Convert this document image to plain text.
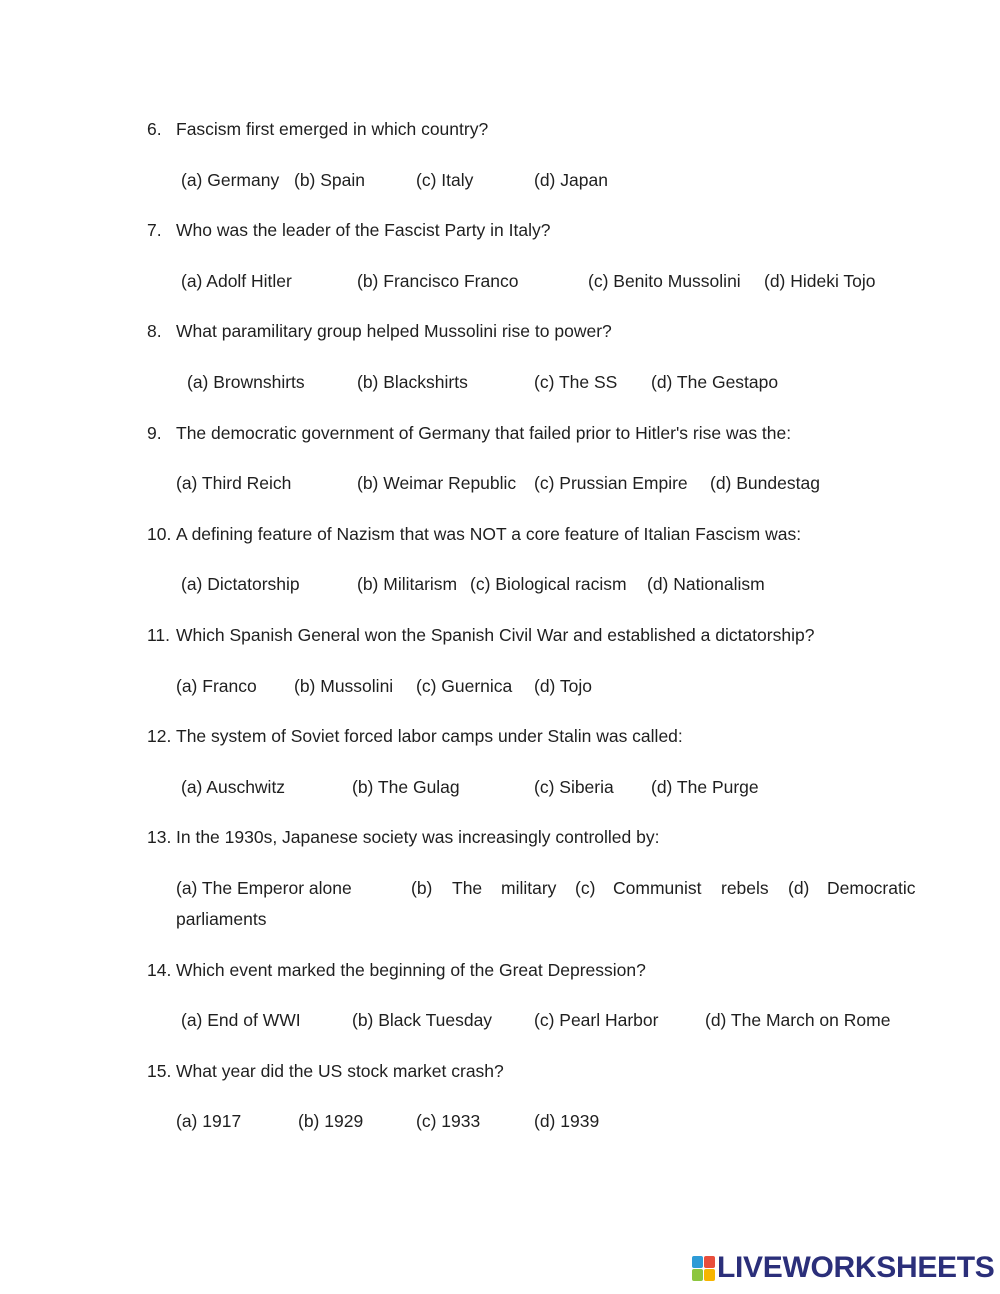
6. Fascism first emerged in which country?
(a) Germany (b) Spain	(c) Italy	(d) Japan
7. Who was the leader of the Fascist Party in Italy?
(a) Adolf Hitler	(b) Francisco Franco	(c) Benito Mussolini (d) Hideki Tojo
8. What paramilitary group helped Mussolini rise to power?
(a) Brownshirts	(b) Blackshirts	(c) The SS (d) The Gestapo
9. The democratic government of Germany that failed prior to Hitler's rise was the:
(a) Third Reich	(b) Weimar Republic (c) Prussian Empire (d) Bundestag
10. A defining feature of Nazism that was NOT a core feature of Italian Fascism was:
(a) Dictatorship	(b) Militarism (c) Biological racism (d) Nationalism
11. Which Spanish General won the Spanish Civil War and established a dictatorship?
(a) Franco (b) Mussolini (c) Guernica (d) Tojo
12. The system of Soviet forced labor camps under Stalin was called:
(a) Auschwitz	(b) The Gulag	(c) Siberia (d) The Purge
13. In the 1930s, Japanese society was increasingly controlled by:
(a) The Emperor alone	(b) The military (c) Communist rebels (d) Democratic
parliaments
14. Which event marked the beginning of the Great Depression?
(a) End of WWI	(b) Black Tuesday (c) Pearl Harbor	(d) The March on Rome
15. What year did the US stock market crash?
(a) 1917	(b) 1929	(c) 1933	(d) 1939
LIVEWORKSHEETS
